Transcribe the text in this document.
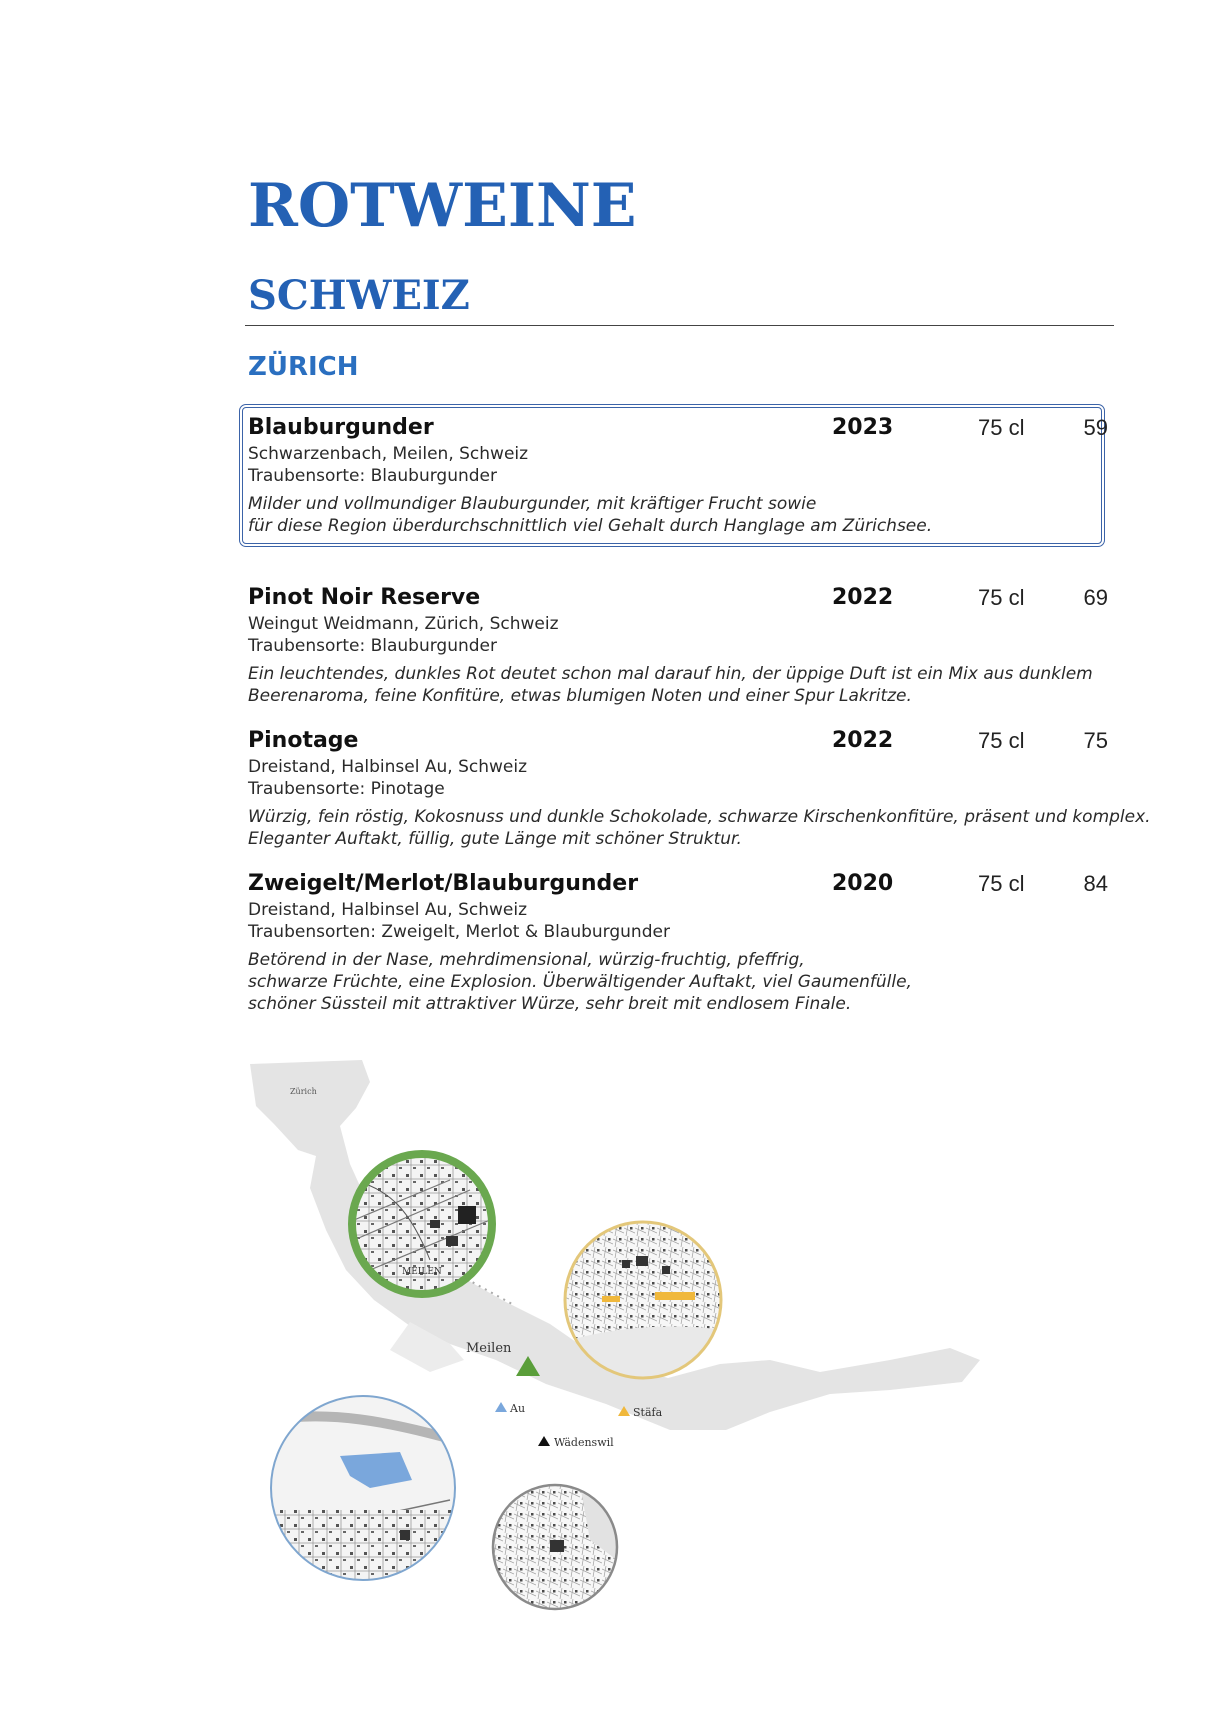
ROTWEINE
SCHWEIZ
ZÜRICH
Blauburgunder	2023	75 cl	59
Schwarzenbach, Meilen, Schweiz
Traubensorte: Blauburgunder
Milder und vollmundiger Blauburgunder, mit kräftiger Frucht sowie
für diese Region überdurchschnittlich viel Gehalt durch Hanglage am Zürichsee.
Pinot Noir Reserve	2022	75 cl	69
Weingut Weidmann, Zürich, Schweiz
Traubensorte: Blauburgunder
Ein leuchtendes, dunkles Rot deutet schon mal darauf hin, der üppige Duft ist ein Mix aus dunklem
Beerenaroma, feine Konfitüre, etwas blumigen Noten und einer Spur Lakritze.
Pinotage	2022	75 cl	75
Dreistand, Halbinsel Au, Schweiz
Traubensorte: Pinotage
Würzig, fein röstig, Kokosnuss und dunkle Schokolade, schwarze Kirschenkonfitüre, präsent und komplex.
Eleganter Auftakt, füllig, gute Länge mit schöner Struktur.
Zweigelt/Merlot/Blauburgunder	2020	75 cl	84
Dreistand, Halbinsel Au, Schweiz
Traubensorten: Zweigelt, Merlot & Blauburgunder
Betörend in der Nase, mehrdimensional, würzig-fruchtig, pfeffrig,
schwarze Früchte, eine Explosion. Überwältigender Auftakt, viel Gaumenfülle,
schöner Süssteil mit attraktiver Würze, sehr breit mit endlosem Finale.
Zürich
MEILEN
Meilen
Au	Stäfa
Wädenswil
